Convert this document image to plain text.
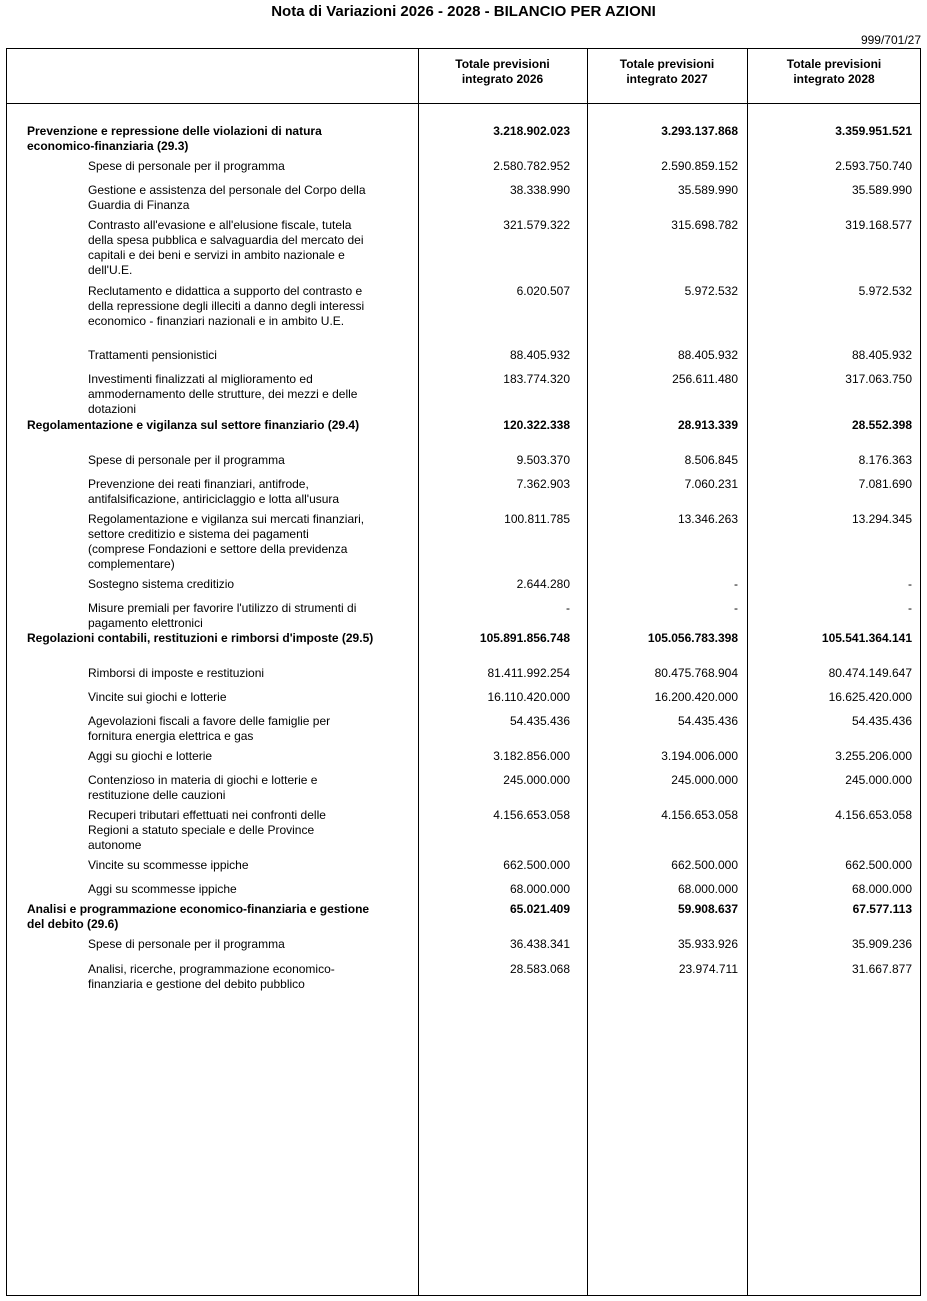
Nota di Variazioni 2026 - 2028 - BILANCIO PER AZIONI
999/701/27
Totale previsioni
integrato 2026
Totale previsioni
integrato 2027
Totale previsioni
integrato 2028
Prevenzione e repressione delle violazioni di natura economico-finanziaria (29.3)
3.218.902.023	3.293.137.868	3.359.951.521
Spese di personale per il programma	2.580.782.952	2.590.859.152	2.593.750.740
Gestione e assistenza del personale del Corpo della Guardia di Finanza
38.338.990	35.589.990	35.589.990
Contrasto all'evasione e all'elusione fiscale, tutela della spesa pubblica e salvaguardia del mercato dei capitali e dei beni e servizi in ambito nazionale e dell'U.E.
321.579.322	315.698.782	319.168.577
Reclutamento e didattica a supporto del contrasto e della repressione degli illeciti a danno degli interessi economico - finanziari nazionali e in ambito U.E.
6.020.507	5.972.532	5.972.532
Trattamenti pensionistici	88.405.932	88.405.932	88.405.932
Investimenti finalizzati al miglioramento ed ammodernamento delle strutture, dei mezzi e delle dotazioni
183.774.320	256.611.480	317.063.750
Regolamentazione e vigilanza sul settore finanziario (29.4)	120.322.338	28.913.339	28.552.398
Spese di personale per il programma	9.503.370	8.506.845	8.176.363
Prevenzione dei reati finanziari, antifrode, antifalsificazione, antiriciclaggio e lotta all'usura
7.362.903	7.060.231	7.081.690
Regolamentazione e vigilanza sui mercati finanziari, settore creditizio e sistema dei pagamenti (comprese Fondazioni e settore della previdenza complementare)
100.811.785	13.346.263	13.294.345
Sostegno sistema creditizio	2.644.280	-	-
Misure premiali per favorire l'utilizzo di strumenti di pagamento elettronici
-	-	-
Regolazioni contabili, restituzioni e rimborsi d'imposte (29.5)	105.891.856.748	105.056.783.398	105.541.364.141
Rimborsi di imposte e restituzioni	81.411.992.254	80.475.768.904	80.474.149.647
Vincite sui giochi e lotterie	16.110.420.000	16.200.420.000	16.625.420.000
Agevolazioni fiscali a favore delle famiglie per fornitura energia elettrica e gas
54.435.436	54.435.436	54.435.436
Aggi su giochi e lotterie	3.182.856.000	3.194.006.000	3.255.206.000
Contenzioso in materia di giochi e lotterie e restituzione delle cauzioni
245.000.000	245.000.000	245.000.000
Recuperi tributari effettuati nei confronti delle Regioni a statuto speciale e delle Province autonome
4.156.653.058	4.156.653.058	4.156.653.058
Vincite su scommesse ippiche	662.500.000	662.500.000	662.500.000
Aggi su scommesse ippiche	68.000.000	68.000.000	68.000.000
Analisi e programmazione economico-finanziaria e gestione del debito (29.6)
65.021.409	59.908.637	67.577.113
Spese di personale per il programma	36.438.341	35.933.926	35.909.236
Analisi, ricerche, programmazione economico-finanziaria e gestione del debito pubblico
28.583.068	23.974.711	31.667.877
